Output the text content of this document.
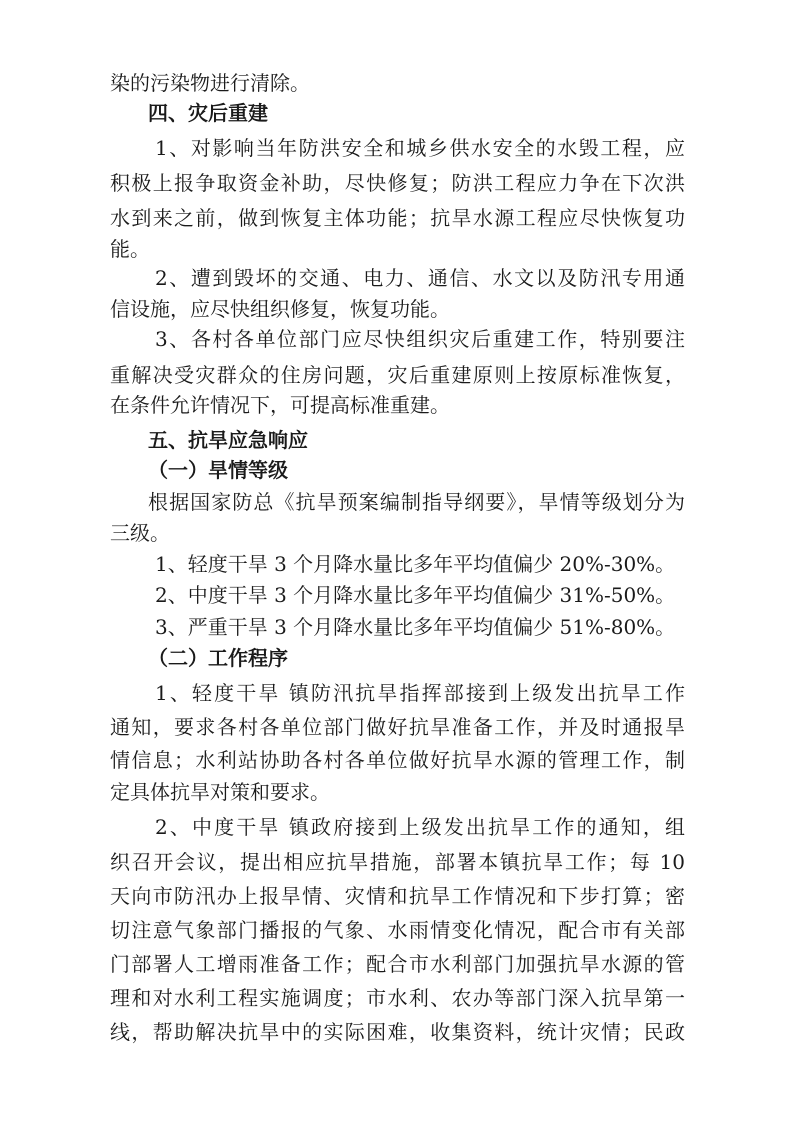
染的污染物进行清除。
四、灾后重建
1、对影响当年防洪安全和城乡供水安全的水毁工程，应
积极上报争取资金补助，尽快修复；防洪工程应力争在下次洪
水到来之前，做到恢复主体功能；抗旱水源工程应尽快恢复功
能。
2、遭到毁坏的交通、电力、通信、水文以及防汛专用通
信设施，应尽快组织修复，恢复功能。
3、各村各单位部门应尽快组织灾后重建工作，特别要注
重解决受灾群众的住房问题，灾后重建原则上按原标准恢复，
在条件允许情况下，可提高标准重建。
五、抗旱应急响应
（一）旱情等级
根据国家防总《抗旱预案编制指导纲要》，旱情等级划分为
三级。
1、轻度干旱 3 个月降水量比多年平均值偏少 20%-30%。
2、中度干旱 3 个月降水量比多年平均值偏少 31%-50%。
3、严重干旱 3 个月降水量比多年平均值偏少 51%-80%。
（二）工作程序
1、轻度干旱 镇防汛抗旱指挥部接到上级发出抗旱工作
通知，要求各村各单位部门做好抗旱准备工作，并及时通报旱
情信息；水利站协助各村各单位做好抗旱水源的管理工作，制
定具体抗旱对策和要求。
2、中度干旱 镇政府接到上级发出抗旱工作的通知，组
织召开会议，提出相应抗旱措施，部署本镇抗旱工作；每 10
天向市防汛办上报旱情、灾情和抗旱工作情况和下步打算；密
切注意气象部门播报的气象、水雨情变化情况，配合市有关部
门部署人工增雨准备工作；配合市水利部门加强抗旱水源的管
理和对水利工程实施调度；市水利、农办等部门深入抗旱第一
线，帮助解决抗旱中的实际困难，收集资料，统计灾情；民政
